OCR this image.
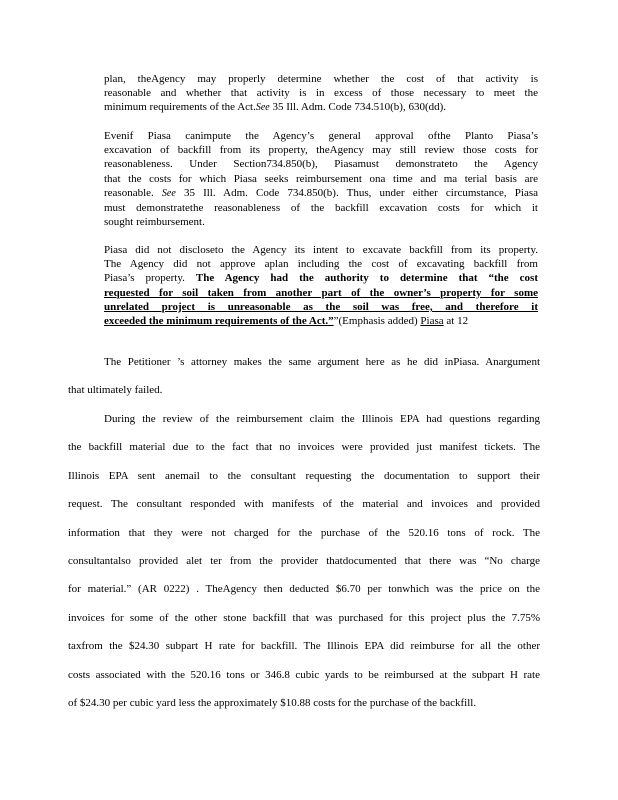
plan, theAgency may properly determine whether the cost of that activity is
reasonable and whether that activity is in excess of those necessary to meet the
minimum requirements of the Act.See 35 Ill. Adm. Code 734.510(b), 630(dd).
Evenif Piasa canimpute the Agency’s general approval ofthe Planto Piasa’s
excavation of backfill from its property, theAgency may still review those costs for
reasonableness. Under Section734.850(b), Piasamust demonstrateto the Agency
that the costs for which Piasa seeks reimbursement ona time and ma terial basis are
reasonable. See 35 Ill. Adm. Code 734.850(b). Thus, under either circumstance, Piasa
must demonstratethe reasonableness of the backfill excavation costs for which it
sought reimbursement.
Piasa did not discloseto the Agency its intent to excavate backfill from its property.
The Agency did not approve aplan including the cost of excavating backfill from
Piasa’s property. The Agency had the authority to determine that “the cost
requested for soil taken from another part of the owner’s property for some
unrelated project is unreasonable as the soil was free, and therefore it
exceeded the minimum requirements of the Act.””(Emphasis added) Piasa at 12
The Petitioner ’s attorney makes the same argument here as he did inPiasa. Anargument
that ultimately failed.
During the review of the reimbursement claim the Illinois EPA had questions regarding
the backfill material due to the fact that no invoices were provided just manifest tickets. The
Illinois EPA sent anemail to the consultant requesting the documentation to support their
request. The consultant responded with manifests of the material and invoices and provided
information that they were not charged for the purchase of the 520.16 tons of rock. The
consultantalso provided alet ter from the provider thatdocumented that there was “No charge
for material.” (AR 0222) . TheAgency then deducted $6.70 per tonwhich was the price on the
invoices for some of the other stone backfill that was purchased for this project plus the 7.75%
taxfrom the $24.30 subpart H rate for backfill. The Illinois EPA did reimburse for all the other
costs associated with the 520.16 tons or 346.8 cubic yards to be reimbursed at the subpart H rate
of $24.30 per cubic yard less the approximately $10.88 costs for the purchase of the backfill.
